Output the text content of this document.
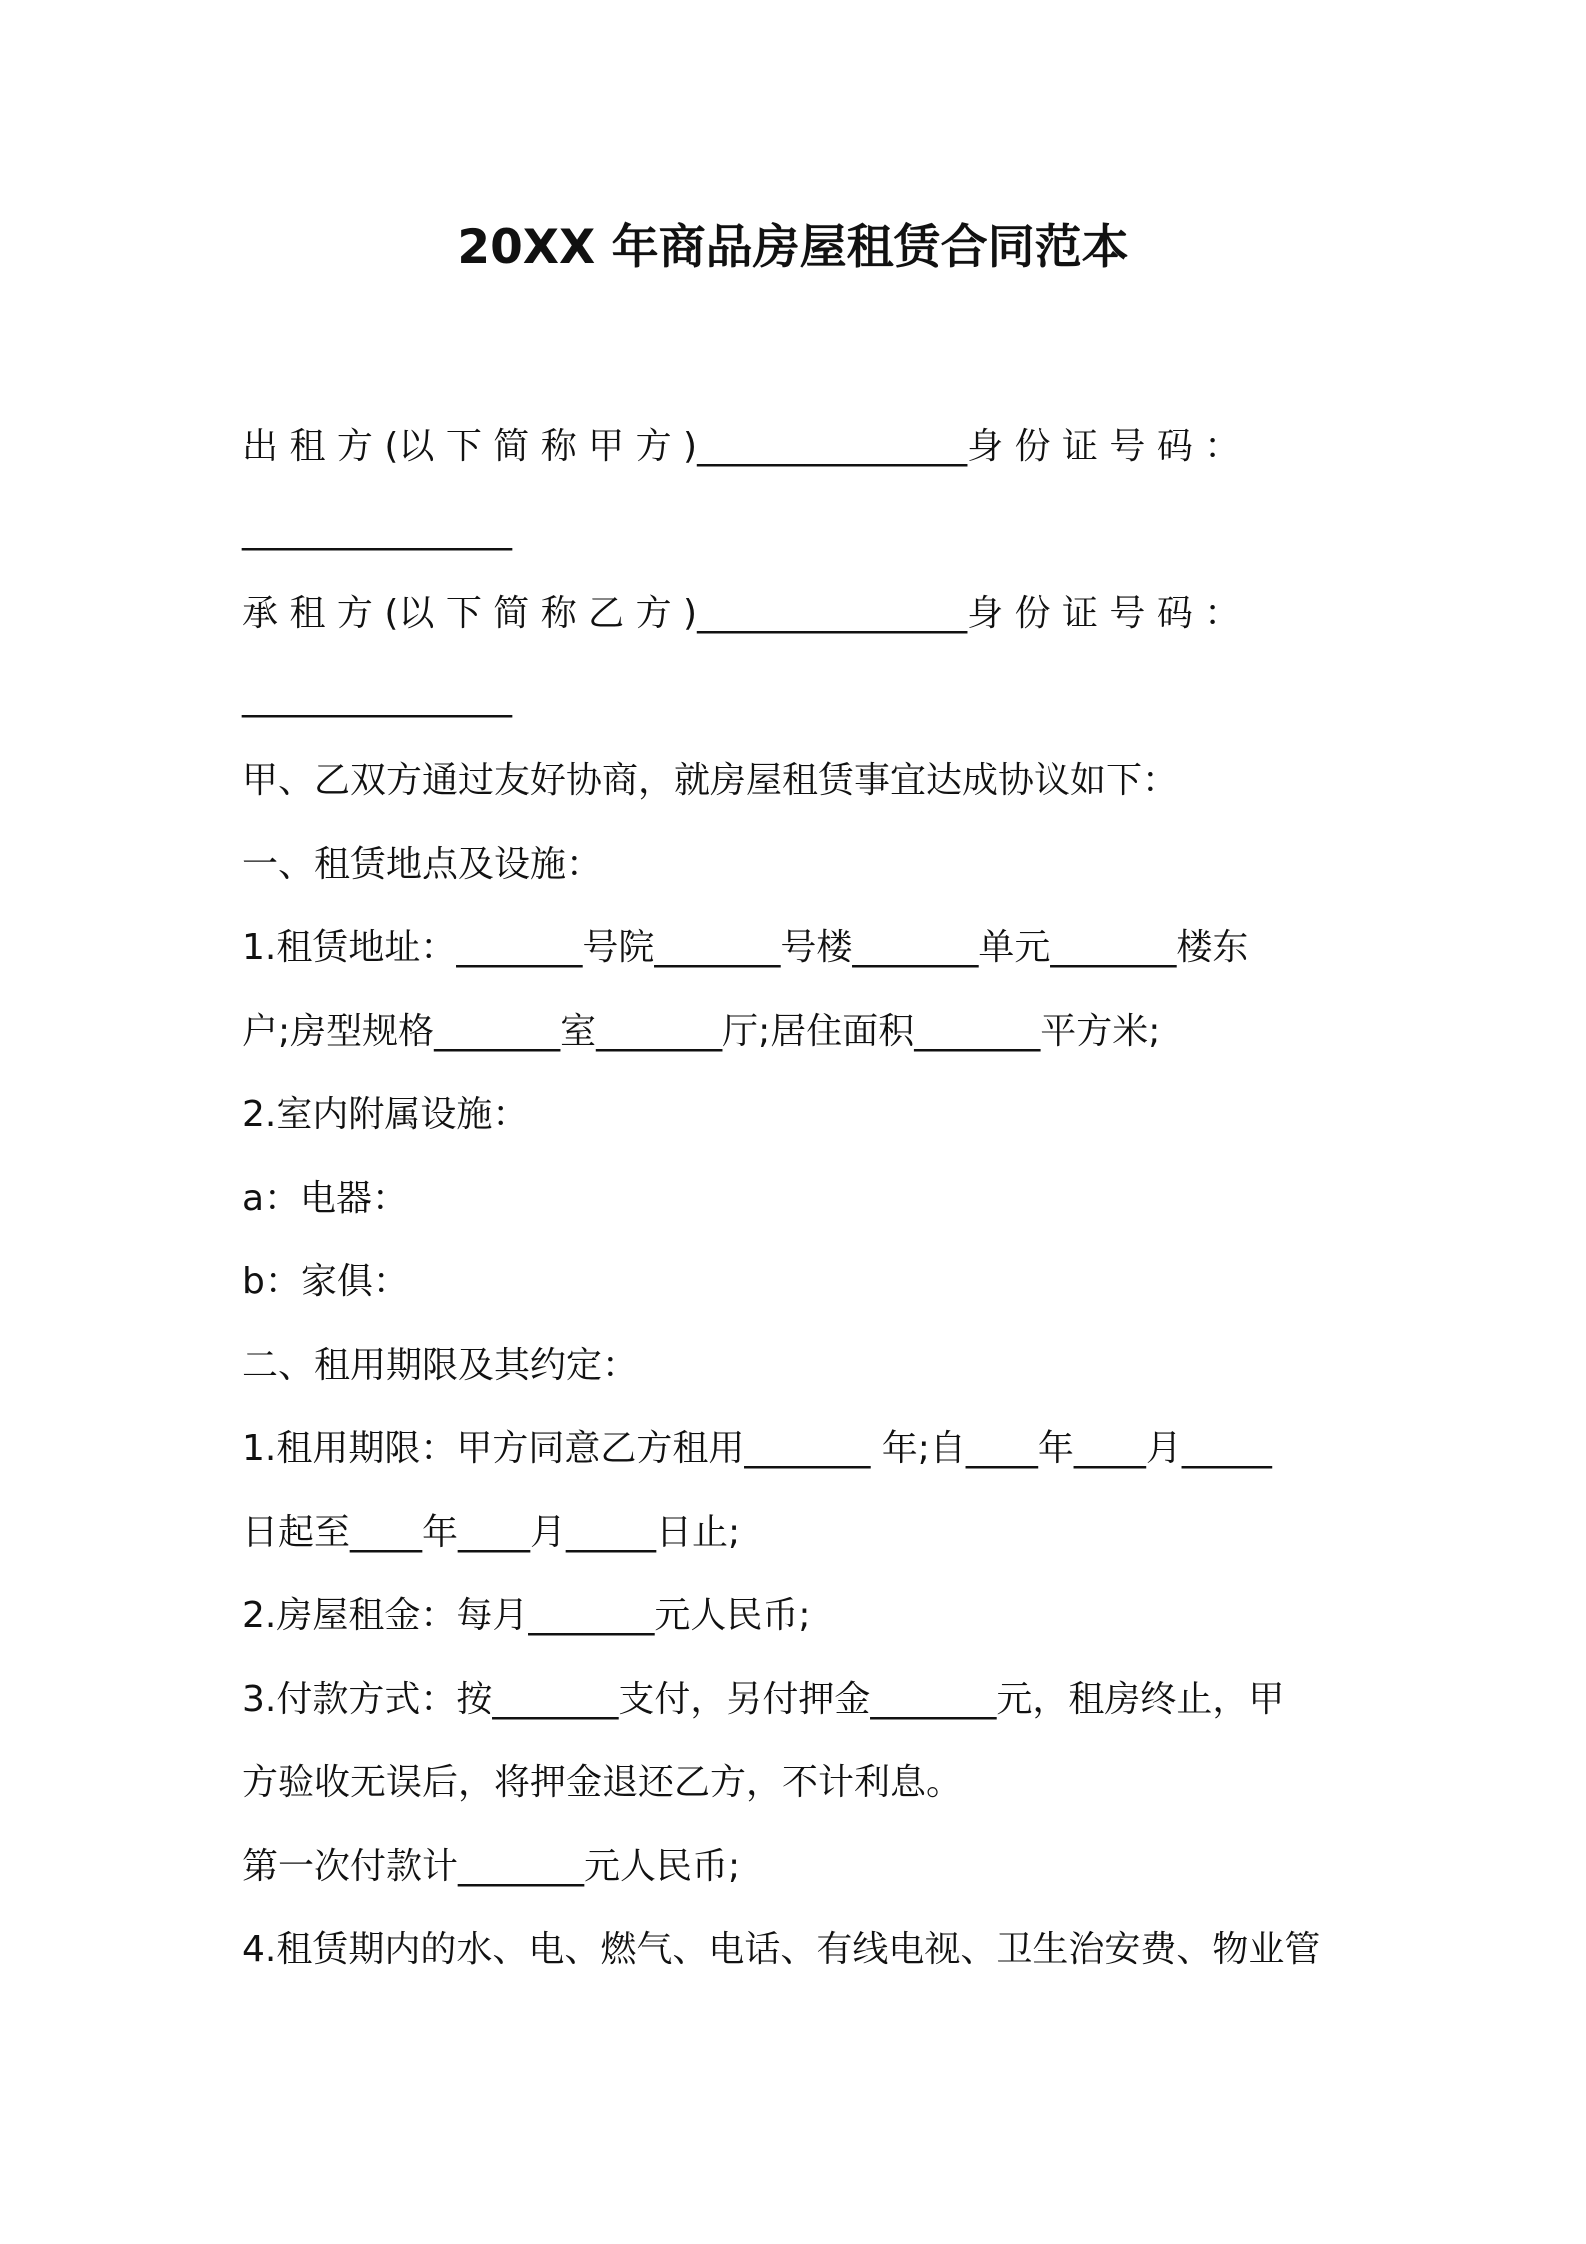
20XX 年商品房屋租赁合同范本
出 租 方 (以 下 简 称 甲 方 )_______________身 份 证 号 码 ：
_______________
承 租 方 (以 下 简 称 乙 方 )_______________身 份 证 号 码 ：
_______________
甲、乙双方通过友好协商，就房屋租赁事宜达成协议如下：
一、租赁地点及设施：
1.租赁地址：_______号院_______号楼_______单元_______楼东
户;房型规格_______室_______厅;居住面积_______平方米;
2.室内附属设施：
a：电器：
b：家俱：
二、租用期限及其约定：
1.租用期限：甲方同意乙方租用_______ 年;自____年____月_____
日起至____年____月_____日止;
2.房屋租金：每月_______元人民币;
3.付款方式：按_______支付，另付押金_______元，租房终止，甲
方验收无误后，将押金退还乙方，不计利息。
第一次付款计_______元人民币;
4.租赁期内的水、电、燃气、电话、有线电视、卫生治安费、物业管
